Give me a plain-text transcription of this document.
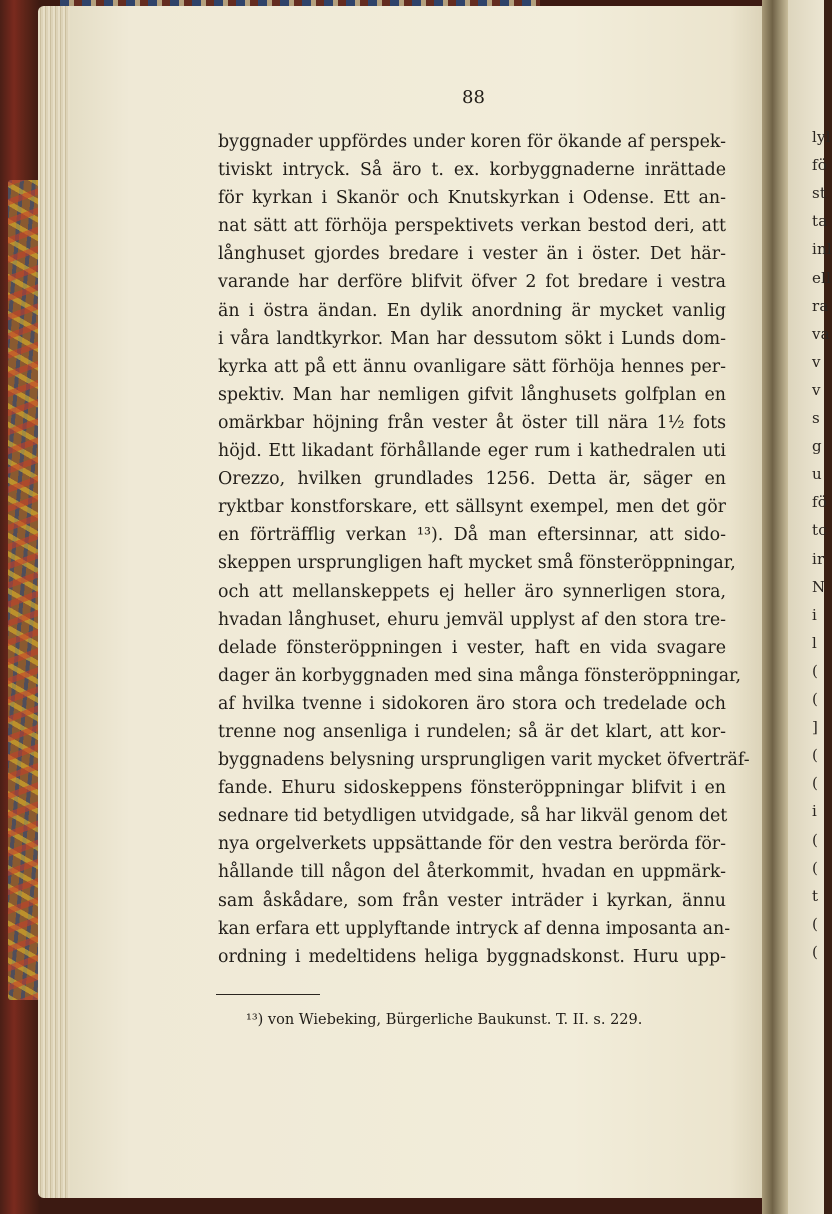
88
byggnader uppfördes under koren för ökande af perspek-
tiviskt intryck. Så äro t. ex. korbyggnaderne inrättade
för kyrkan i Skanör och Knutskyrkan i Odense. Ett an-
nat sätt att förhöja perspektivets verkan bestod deri, att
långhuset gjordes bredare i vester än i öster. Det här-
varande har derföre blifvit öfver 2 fot bredare i vestra
än i östra ändan. En dylik anordning är mycket vanlig
i våra landtkyrkor. Man har dessutom sökt i Lunds dom-
kyrka att på ett ännu ovanligare sätt förhöja hennes per-
spektiv. Man har nemligen gifvit långhusets golfplan en
omärkbar höjning från vester åt öster till nära 1½ fots
höjd. Ett likadant förhållande eger rum i kathedralen uti
Orezzo, hvilken grundlades 1256. Detta är, säger en
ryktbar konstforskare, ett sällsynt exempel, men det gör
en förträfflig verkan ¹³). Då man eftersinnar, att sido-
skeppen ursprungligen haft mycket små fönsteröppningar,
och att mellanskeppets ej heller äro synnerligen stora,
hvadan långhuset, ehuru jemväl upplyst af den stora tre-
delade fönsteröppningen i vester, haft en vida svagare
dager än korbyggnaden med sina många fönsteröppningar,
af hvilka tvenne i sidokoren äro stora och tredelade och
trenne nog ansenliga i rundelen; så är det klart, att kor-
byggnadens belysning ursprungligen varit mycket öfverträf-
fande. Ehuru sidoskeppens fönsteröppningar blifvit i en
sednare tid betydligen utvidgade, så har likväl genom det
nya orgelverkets uppsättande för den vestra berörda för-
hållande till någon del återkommit, hvadan en uppmärk-
sam åskådare, som från vester inträder i kyrkan, ännu
kan erfara ett upplyftande intryck af denna imposanta an-
ordning i medeltidens heliga byggnadskonst. Huru upp-
¹³) von Wiebeking, Bürgerliche Baukunst. T. II. s. 229.
lyl
fö
st
ta
inl
ell
ra
va
v
v
s
g
u
fö
tc
ir
N
i
l
(
(
]
(
(
i
(
(
t
(
(
